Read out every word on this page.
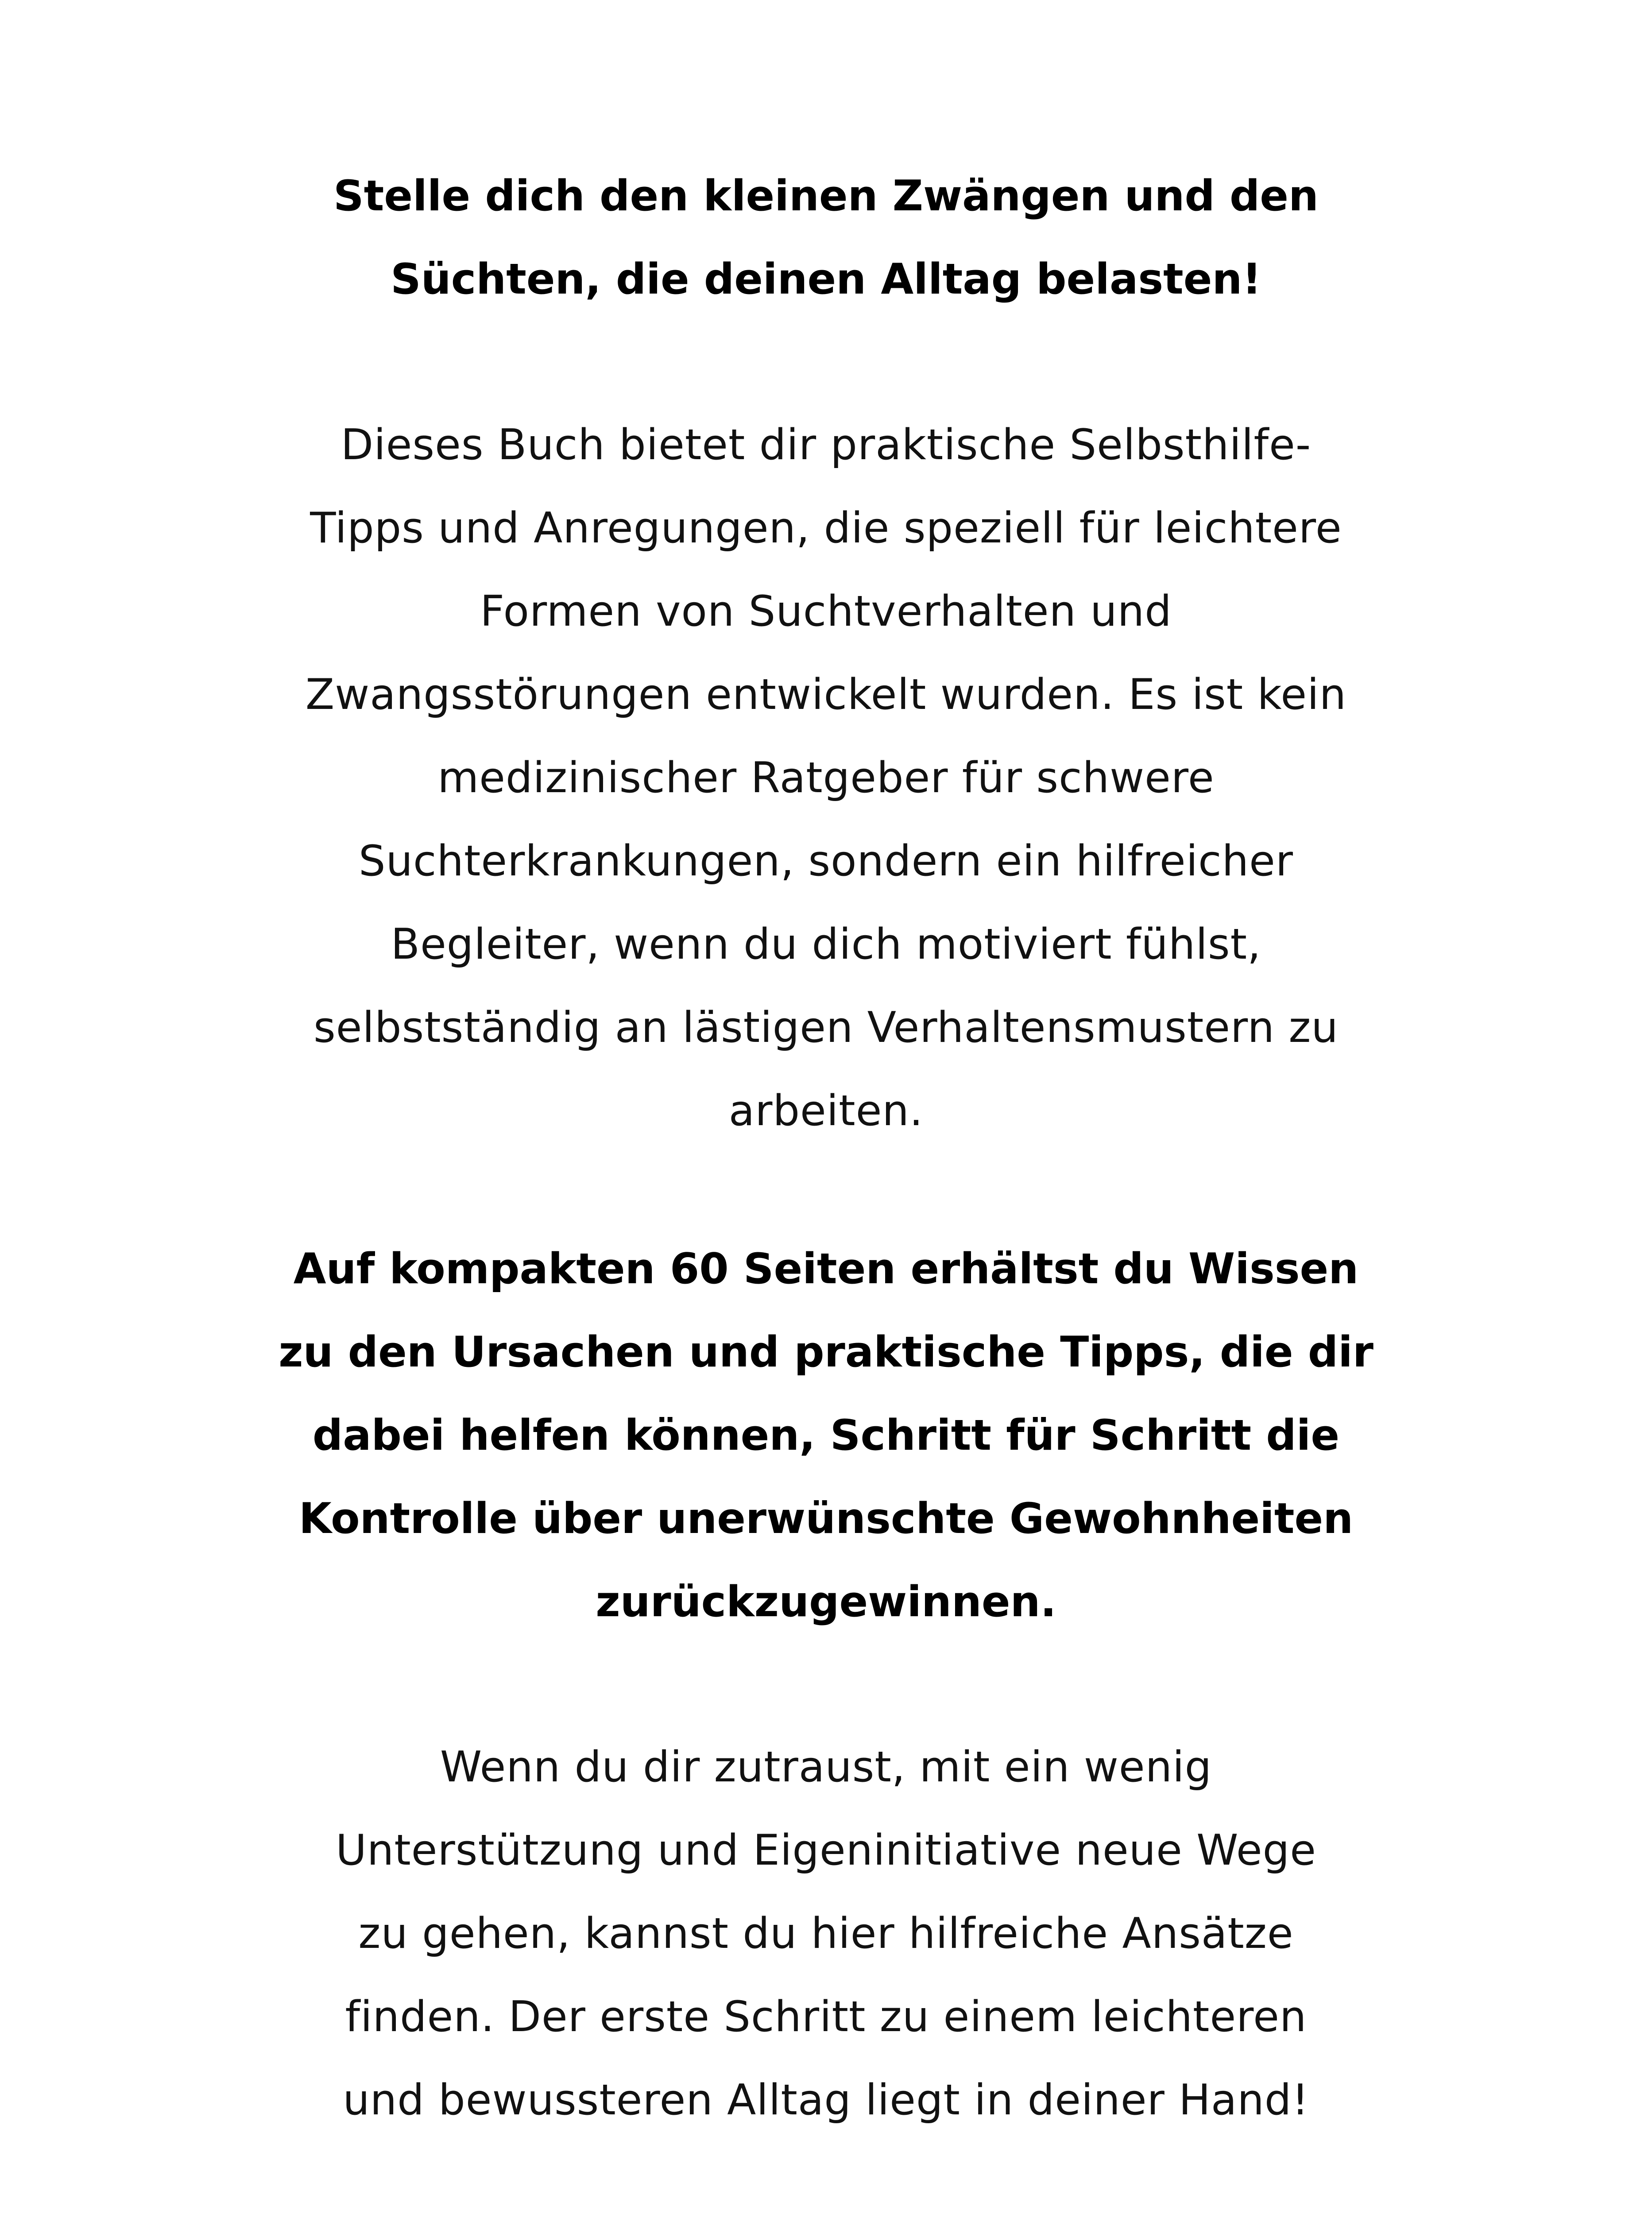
Stelle dich den kleinen Zwängen und den
Süchten, die deinen Alltag belasten!
Dieses Buch bietet dir praktische Selbsthilfe-
Tipps und Anregungen, die speziell für leichtere
Formen von Suchtverhalten und
Zwangsstörungen entwickelt wurden. Es ist kein
medizinischer Ratgeber für schwere
Suchterkrankungen, sondern ein hilfreicher
Begleiter, wenn du dich motiviert fühlst,
selbstständig an lästigen Verhaltensmustern zu
arbeiten.
Auf kompakten 60 Seiten erhältst du Wissen
zu den Ursachen und praktische Tipps, die dir
dabei helfen können, Schritt für Schritt die
Kontrolle über unerwünschte Gewohnheiten
zurückzugewinnen.
Wenn du dir zutraust, mit ein wenig
Unterstützung und Eigeninitiative neue Wege
zu gehen, kannst du hier hilfreiche Ansätze
finden. Der erste Schritt zu einem leichteren
und bewussteren Alltag liegt in deiner Hand!
